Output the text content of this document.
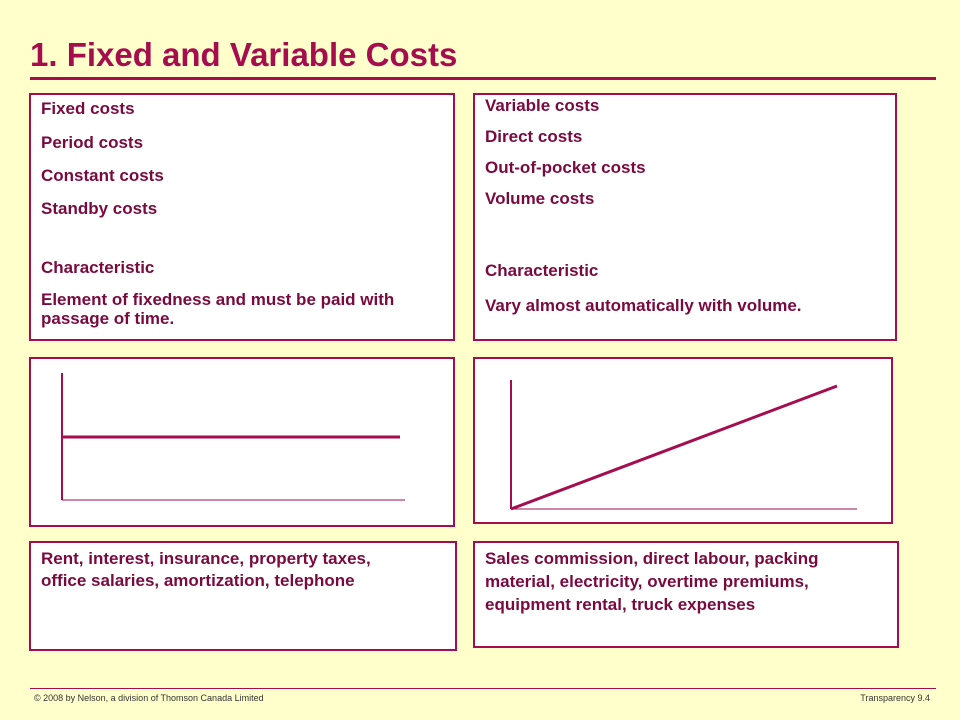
1. Fixed and Variable Costs
Fixed costs
Period costs
Constant costs
Standby costs
Characteristic
Element of fixedness and must be paid with passage of time.
Variable costs
Direct costs
Out-of-pocket costs
Volume costs
Characteristic
Vary almost automatically with volume.
Rent, interest, insurance, property taxes, office salaries, amortization, telephone
Sales commission, direct labour, packing material, electricity, overtime premiums, equipment rental, truck expenses
© 2008 by Nelson, a division of Thomson Canada Limited	Transparency 9.4
